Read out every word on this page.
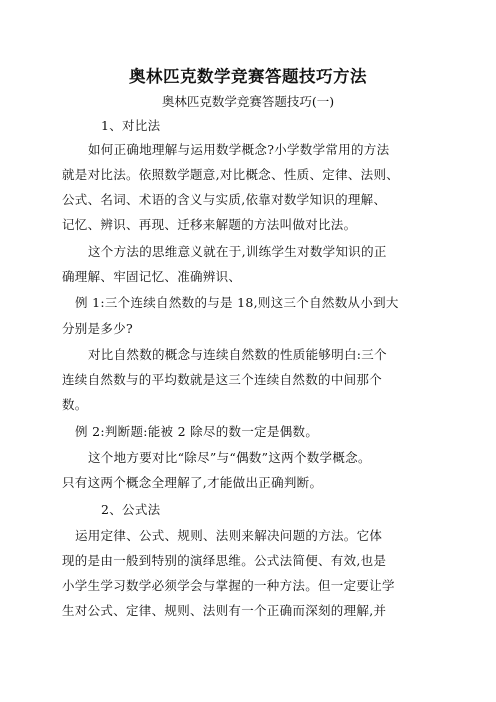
奥林匹克数学竞赛答题技巧方法
奥林匹克数学竞赛答题技巧(一)
1、对比法
如何正确地理解与运用数学概念?小学数学常用的方法
就是对比法。依照数学题意,对比概念、性质、定律、法则、
公式、名词、术语的含义与实质,依靠对数学知识的理解、
记忆、辨识、再现、迁移来解题的方法叫做对比法。
这个方法的思维意义就在于,训练学生对数学知识的正
确理解、牢固记忆、准确辨识、
例 1:三个连续自然数的与是 18,则这三个自然数从小到大
分别是多少?
对比自然数的概念与连续自然数的性质能够明白:三个
连续自然数与的平均数就是这三个连续自然数的中间那个
数。
例 2:判断题:能被 2 除尽的数一定是偶数。
这个地方要对比“除尽”与“偶数”这两个数学概念。
只有这两个概念全理解了,才能做出正确判断。
2、公式法
运用定律、公式、规则、法则来解决问题的方法。它体
现的是由一般到特别的演绎思维。公式法简便、有效,也是
小学生学习数学必须学会与掌握的一种方法。但一定要让学
生对公式、定律、规则、法则有一个正确而深刻的理解,并
